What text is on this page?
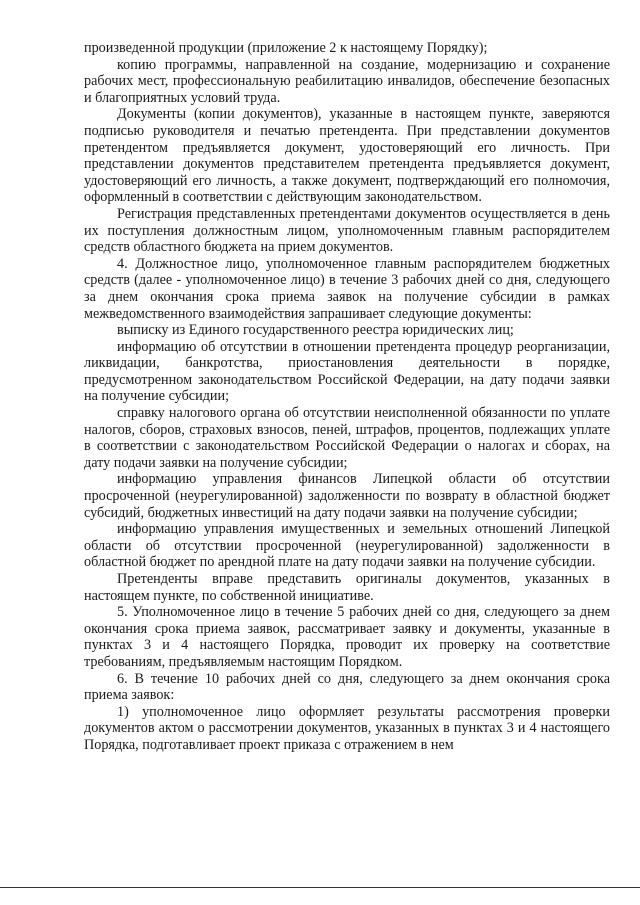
произведенной продукции (приложение 2 к настоящему Порядку);

копию программы, направленной на создание, модернизацию и сохранение рабочих мест, профессиональную реабилитацию инвалидов, обеспечение безопасных и благоприятных условий труда.

Документы (копии документов), указанные в настоящем пункте, заверяются подписью руководителя и печатью претендента. При представлении документов претендентом предъявляется документ, удостоверяющий его личность. При представлении документов представителем претендента предъявляется документ, удостоверяющий его личность, а также документ, подтверждающий его полномочия, оформленный в соответствии с действующим законодательством.

Регистрация представленных претендентами документов осуществляется в день их поступления должностным лицом, уполномоченным главным распорядителем средств областного бюджета на прием документов.

4. Должностное лицо, уполномоченное главным распорядителем бюджетных средств (далее - уполномоченное лицо) в течение 3 рабочих дней со дня, следующего за днем окончания срока приема заявок на получение субсидии в рамках межведомственного взаимодействия запрашивает следующие документы:

выписку из Единого государственного реестра юридических лиц;

информацию об отсутствии в отношении претендента процедур реорганизации, ликвидации, банкротства, приостановления деятельности в порядке, предусмотренном законодательством Российской Федерации, на дату подачи заявки на получение субсидии;

справку налогового органа об отсутствии неисполненной обязанности по уплате налогов, сборов, страховых взносов, пеней, штрафов, процентов, подлежащих уплате в соответствии с законодательством Российской Федерации о налогах и сборах, на дату подачи заявки на получение субсидии;

информацию управления финансов Липецкой области об отсутствии просроченной (неурегулированной) задолженности по возврату в областной бюджет субсидий, бюджетных инвестиций на дату подачи заявки на получение субсидии;

информацию управления имущественных и земельных отношений Липецкой области об отсутствии просроченной (неурегулированной) задолженности в областной бюджет по арендной плате на дату подачи заявки на получение субсидии.

Претенденты вправе представить оригиналы документов, указанных в настоящем пункте, по собственной инициативе.

5. Уполномоченное лицо в течение 5 рабочих дней со дня, следующего за днем окончания срока приема заявок, рассматривает заявку и документы, указанные в пунктах 3 и 4 настоящего Порядка, проводит их проверку на соответствие требованиям, предъявляемым настоящим Порядком.

6. В течение 10 рабочих дней со дня, следующего за днем окончания срока приема заявок:

1) уполномоченное лицо оформляет результаты рассмотрения проверки документов актом о рассмотрении документов, указанных в пунктах 3 и 4 настоящего Порядка, подготавливает проект приказа с отражением в нем
